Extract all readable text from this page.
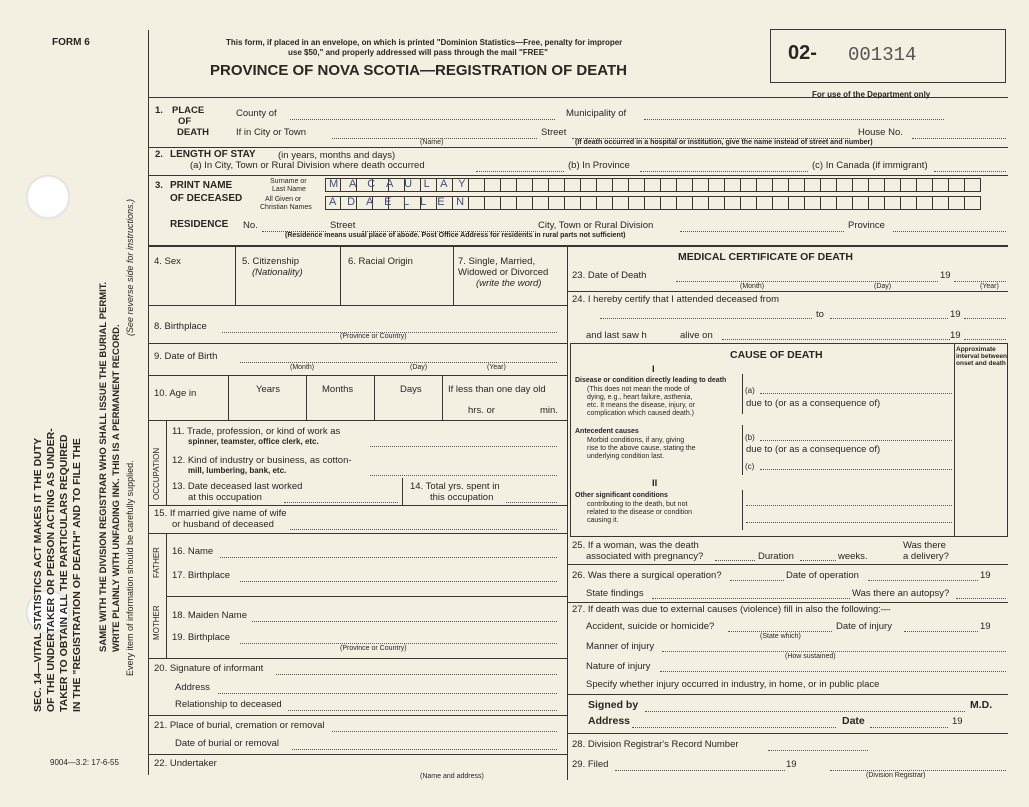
FORM 6
9004—3.2: 17-6-55
SEC. 14—VITAL STATISTICS ACT MAKES IT THE DUTY OF THE UNDERTAKER OR PERSON ACTING AS UNDER- TAKER TO OBTAIN ALL THE PARTICULARS REQUIRED IN THE "REGISTRATION OF DEATH" AND TO FILE THE SAME WITH THE DIVISION REGISTRAR WHO SHALL ISSUE THE BURIAL PERMIT. WRITE PLAINLY WITH UNFADING INK. THIS IS A PERMANENT RECORD. Every item of information should be carefully supplied.
(See reverse side for instructions.)
This form, if placed in an envelope, on which is printed "Dominion Statistics—Free, penalty for improper
use $50," and properly addressed will pass through the mail "FREE"
PROVINCE OF NOVA SCOTIA—REGISTRATION OF DEATH
02- 001314
For use of the Department only
1. PLACE
OF
DEATH
County of	Municipality of
If in City or Town
(Name)
Street
(If death occurred in a hospital or institution, give the name instead of street and number)
House No.
2. LENGTH OF STAY (in years, months and days)
(a) In City, Town or Rural Division where death occurred	(b) In Province	(c) In Canada (if immigrant)
3. PRINT NAME
OF DECEASED
Surname or
Last Name
All Given or
Christian Names
M A C A U L A Y
A D A E L L E N
RESIDENCE No.	Street	City, Town or Rural Division	Province
(Residence means usual place of abode. Post Office Address for residents in rural parts not sufficient)
4. Sex	5. Citizenship
(Nationality)
6. Racial Origin	7. Single, Married,
Widowed or Divorced
(write the word)
8. Birthplace
(Province or Country)
9. Date of Birth
(Month)	(Day)	(Year)
10. Age in	Years	Months	Days	If less than one day old
hrs. or	min.
OCCUPATION
11. Trade, profession, or kind of work as
spinner, teamster, office clerk, etc.
12. Kind of industry or business, as cotton-
mill, lumbering, bank, etc.
13. Date deceased last worked
at this occupation
14. Total yrs. spent in
this occupation
15. If married give name of wife
or husband of deceased
FATHER
MOTHER
16. Name
17. Birthplace
18. Maiden Name
19. Birthplace
(Province or Country)
20. Signature of informant
Address
Relationship to deceased
21. Place of burial, cremation or removal
Date of burial or removal
22. Undertaker
(Name and address)
MEDICAL CERTIFICATE OF DEATH
23. Date of Death	19
(Month)	(Day)	(Year)
24. I hereby certify that I attended deceased from
to	19
and last saw h	alive on	19
CAUSE OF DEATH	Approximate interval between onset and death
I
Disease or condition directly leading to death
(This does not mean the mode of
dying, e.g., heart failure, asthenia,
etc. It means the disease, injury, or
complication which caused death.)
(a)
due to (or as a consequence of)
Antecedent causes
Morbid conditions, if any, giving
rise to the above cause, stating the
underlying condition last.
(b)
due to (or as a consequence of)
(c)
II
Other significant conditions
contributing to the death, but not
related to the disease or condition
causing it.
25. If a woman, was the death
associated with pregnancy?	Duration	weeks.
Was there
a delivery?
26. Was there a surgical operation?	Date of operation	19
State findings	Was there an autopsy?
27. If death was due to external causes (violence) fill in also the following:—
Accident, suicide or homicide?
(State which)
Date of injury	19
Manner of injury
(How sustained)
Nature of injury
Specify whether injury occurred in industry, in home, or in public place
Signed by	M.D.
Address	Date	19
28. Division Registrar's Record Number
29. Filed	19
(Division Registrar)
